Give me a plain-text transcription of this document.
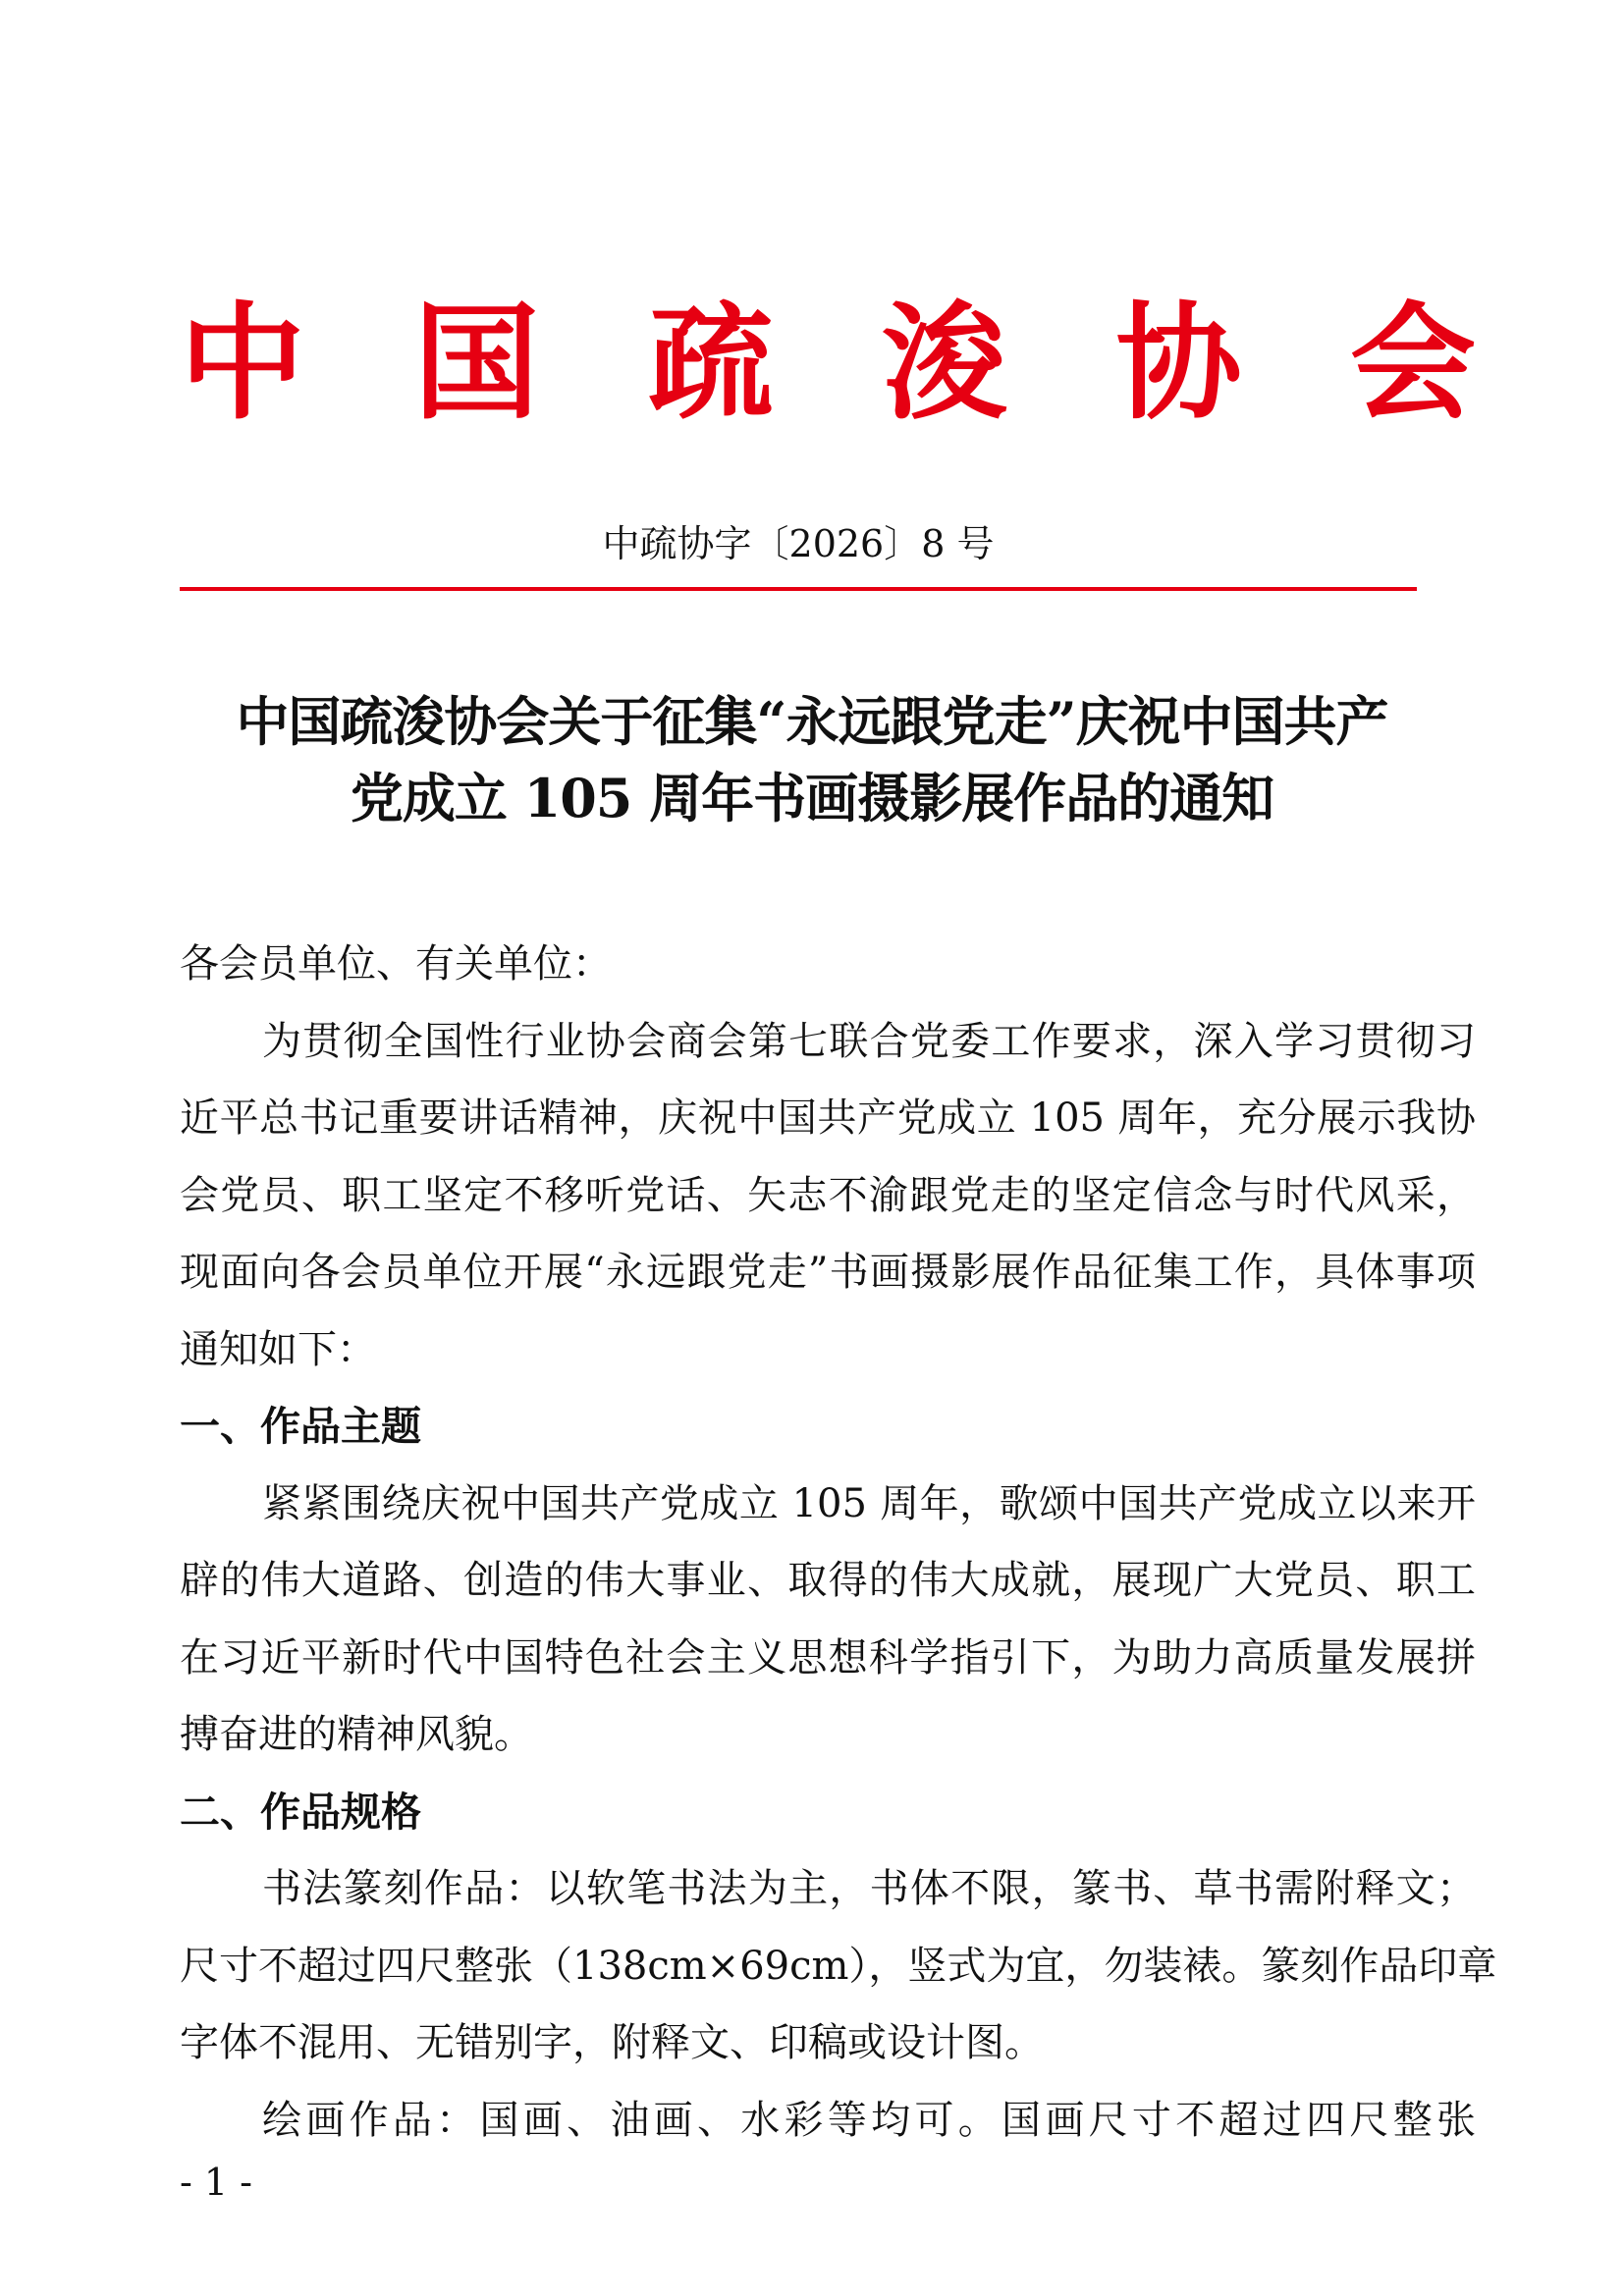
中 国 疏 浚 协 会
中疏协字〔2026〕8 号
中国疏浚协会关于征集“永远跟党走”庆祝中国共产
党成立 105 周年书画摄影展作品的通知
各会员单位、有关单位：
为贯彻全国性行业协会商会第七联合党委工作要求，深入学习贯彻习
近平总书记重要讲话精神，庆祝中国共产党成立 105 周年，充分展示我协
会党员、职工坚定不移听党话、矢志不渝跟党走的坚定信念与时代风采，
现面向各会员单位开展“永远跟党走”书画摄影展作品征集工作，具体事项
通知如下：
一、作品主题
紧紧围绕庆祝中国共产党成立 105 周年，歌颂中国共产党成立以来开
辟的伟大道路、创造的伟大事业、取得的伟大成就，展现广大党员、职工
在习近平新时代中国特色社会主义思想科学指引下，为助力高质量发展拼
搏奋进的精神风貌。
二、作品规格
书法篆刻作品：以软笔书法为主，书体不限，篆书、草书需附释文；
尺寸不超过四尺整张（138cm×69cm），竖式为宜，勿装裱。篆刻作品印章
字体不混用、无错别字，附释文、印稿或设计图。
绘画作品：国画、油画、水彩等均可。国画尺寸不超过四尺整张
- 1 -
